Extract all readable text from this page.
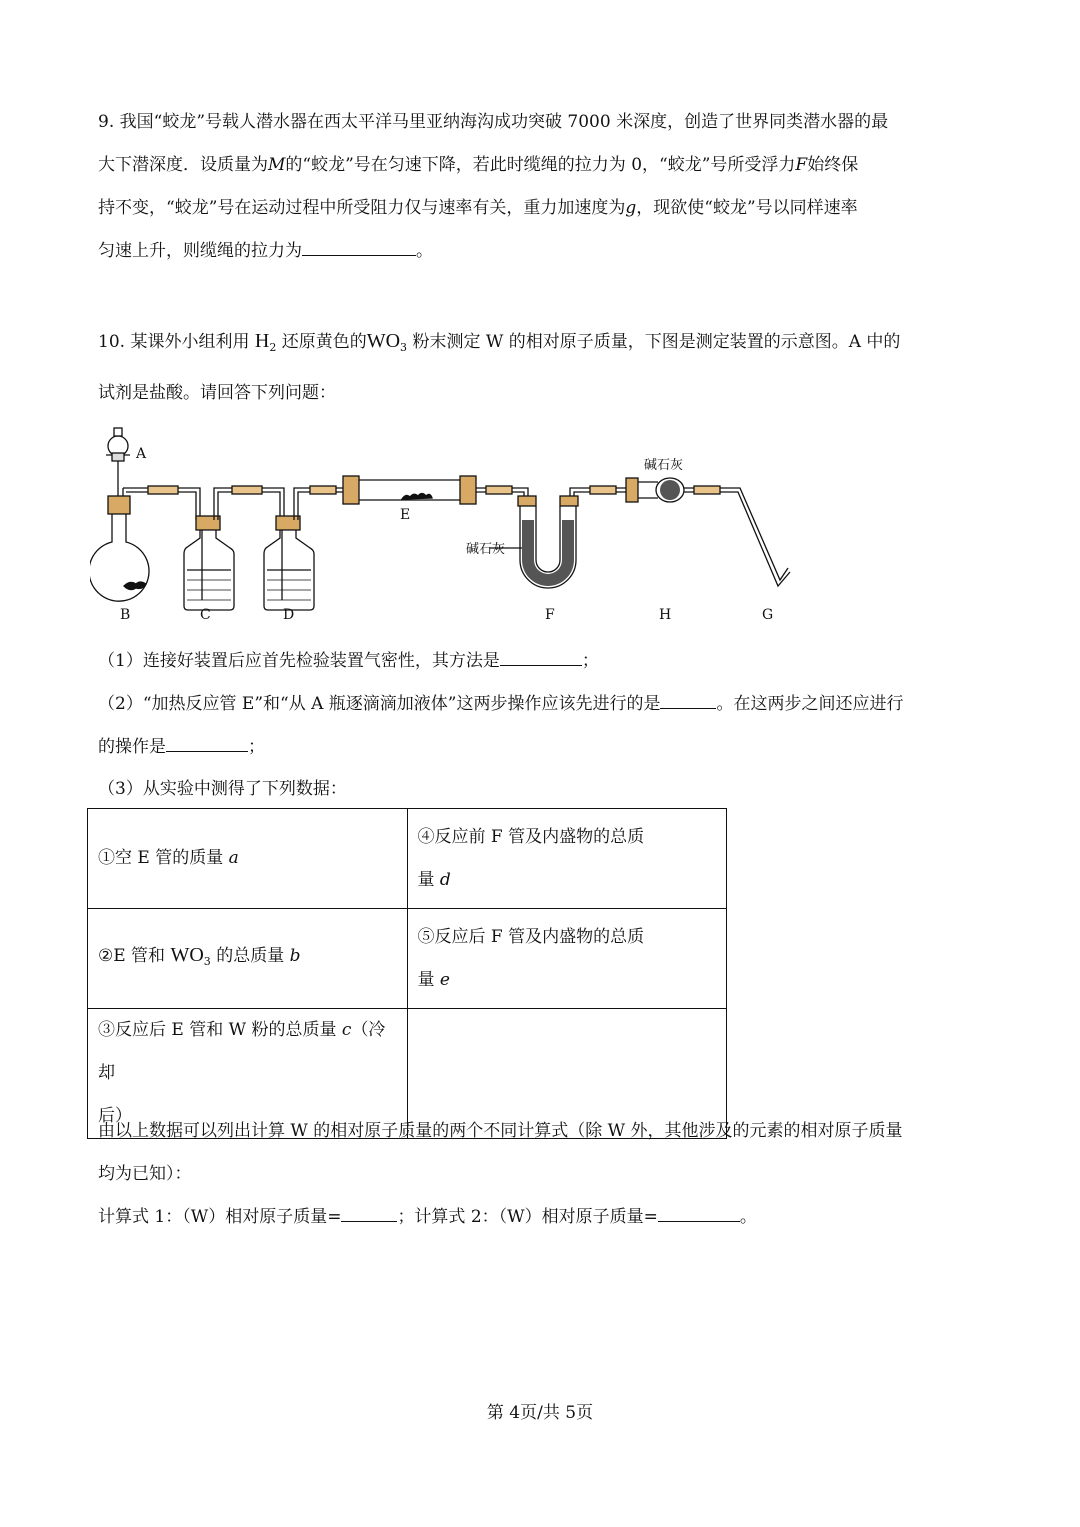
9. 我国“蛟龙”号载人潜水器在西太平洋马里亚纳海沟成功突破 7000 米深度，创造了世界同类潜水器的最

大下潜深度．设质量为M的“蛟龙”号在匀速下降，若此时缆绳的拉力为 0，“蛟龙”号所受浮力F始终保

持不变，“蛟龙”号在运动过程中所受阻力仅与速率有关，重力加速度为g，现欲使“蛟龙”号以同样速率

匀速上升，则缆绳的拉力为	。

10. 某课外小组利用 $H_2$ 还原黄色的$WO_3$ 粉末测定 W 的相对原子质量，下图是测定装置的示意图。A 中的

试剂是盐酸。请回答下列问题：

A
B	C	D
E
F	H	G
碱石灰
碱石灰

（1）连接好装置后应首先检验装置气密性，其方法是	；

（2）“加热反应管 E”和“从 A 瓶逐滴滴加液体”这两步操作应该先进行的是	。在这两步之间还应进行

的操作是	；

（3）从实验中测得了下列数据：

①空 E 管的质量 a	④反应前 F 管及内盛物的总质
量 d
②E 管和 $WO_3$ 的总质量 b	⑤反应后 F 管及内盛物的总质
量 e
③反应后 E 管和 W 粉的总质量 c（冷却
后）	

由以上数据可以列出计算 W 的相对原子质量的两个不同计算式（除 W 外，其他涉及的元素的相对原子质量

均为已知）：

计算式 1：（W）相对原子质量=	；计算式 2：（W）相对原子质量=	。

第 4页/共 5页
